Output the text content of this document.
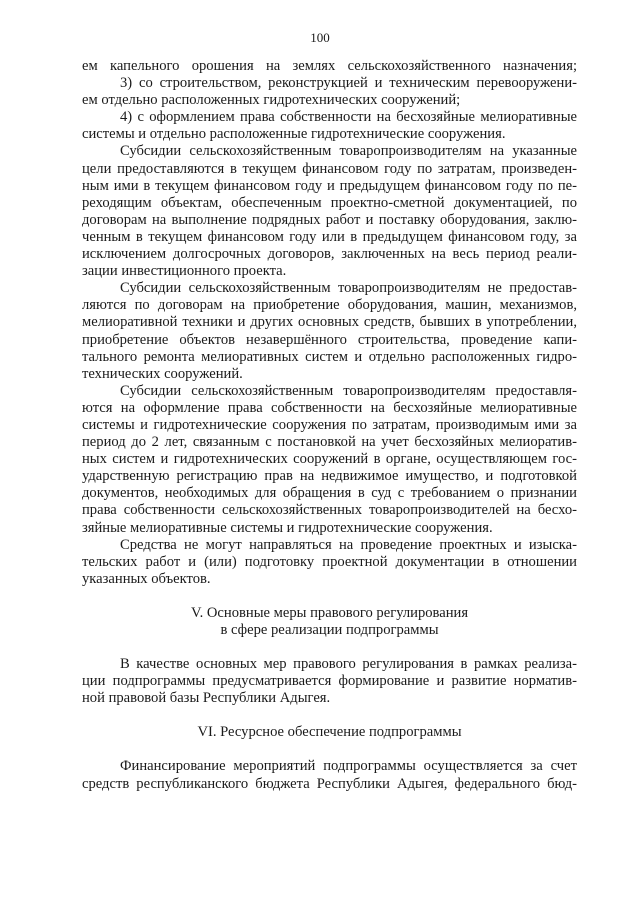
100
ем капельного орошения на землях сельскохозяйственного назначения;
3) со строительством, реконструкцией и техническим перевооружени-
ем отдельно расположенных гидротехнических сооружений;
4) с оформлением права собственности на бесхозяйные мелиоративные
системы и отдельно расположенные гидротехнические сооружения.
Субсидии сельскохозяйственным товаропроизводителям на указанные
цели предоставляются в текущем финансовом году по затратам, произведен-
ным ими в текущем финансовом году и предыдущем финансовом году по пе-
реходящим объектам, обеспеченным проектно-сметной документацией, по
договорам на выполнение подрядных работ и поставку оборудования, заклю-
ченным в текущем финансовом году или в предыдущем финансовом году, за
исключением долгосрочных договоров, заключенных на весь период реали-
зации инвестиционного проекта.
Субсидии сельскохозяйственным товаропроизводителям не предостав-
ляются по договорам на приобретение оборудования, машин, механизмов,
мелиоративной техники и других основных средств, бывших в употреблении,
приобретение объектов незавершённого строительства, проведение капи-
тального ремонта мелиоративных систем и отдельно расположенных гидро-
технических сооружений.
Субсидии сельскохозяйственным товаропроизводителям предоставля-
ются на оформление права собственности на бесхозяйные мелиоративные
системы и гидротехнические сооружения по затратам, производимым ими за
период до 2 лет, связанным с постановкой на учет бесхозяйных мелиоратив-
ных систем и гидротехнических сооружений в органе, осуществляющем гос-
ударственную регистрацию прав на недвижимое имущество, и подготовкой
документов, необходимых для обращения в суд с требованием о признании
права собственности сельскохозяйственных товаропроизводителей на бесхо-
зяйные мелиоративные системы и гидротехнические сооружения.
Средства не могут направляться на проведение проектных и изыска-
тельских работ и (или) подготовку проектной документации в отношении
указанных объектов.
V. Основные меры правового регулирования
в сфере реализации подпрограммы
В качестве основных мер правового регулирования в рамках реализа-
ции подпрограммы предусматривается формирование и развитие норматив-
ной правовой базы Республики Адыгея.
VI. Ресурсное обеспечение подпрограммы
Финансирование мероприятий подпрограммы осуществляется за счет
средств республиканского бюджета Республики Адыгея, федерального бюд-
